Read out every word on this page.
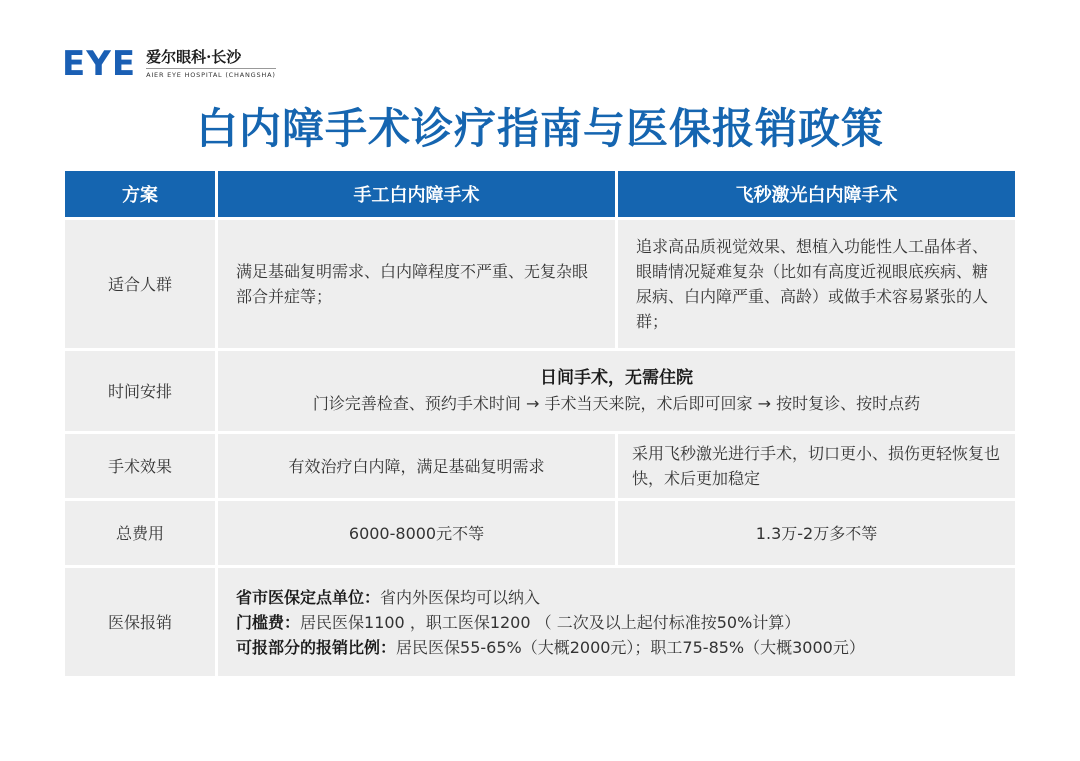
EYE 爱尔眼科·长沙
AIER EYE HOSPITAL (CHANGSHA)
白内障手术诊疗指南与医保报销政策
方案	手工白内障手术	飞秒激光白内障手术
适合人群	满足基础复明需求、白内障程度不严重、无复杂眼部合并症等；	追求高品质视觉效果、想植入功能性人工晶体者、眼睛情况疑难复杂（比如有高度近视眼底疾病、糖尿病、白内障严重、高龄）或做手术容易紧张的人群；
时间安排	日间手术，无需住院
门诊完善检查、预约手术时间 → 手术当天来院，术后即可回家 → 按时复诊、按时点药	

手术效果	有效治疗白内障，满足基础复明需求	采用飞秒激光进行手术，切口更小、损伤更轻恢复也快，术后更加稳定
总费用	6000-8000元不等	1.3万-2万多不等
医保报销	省市医保定点单位：省内外医保均可以纳入
门槛费：居民医保1100 ，职工医保1200 （ 二次及以上起付标准按50%计算）
可报部分的报销比例：居民医保55-65%（大概2000元）；职工75-85%（大概3000元）	
